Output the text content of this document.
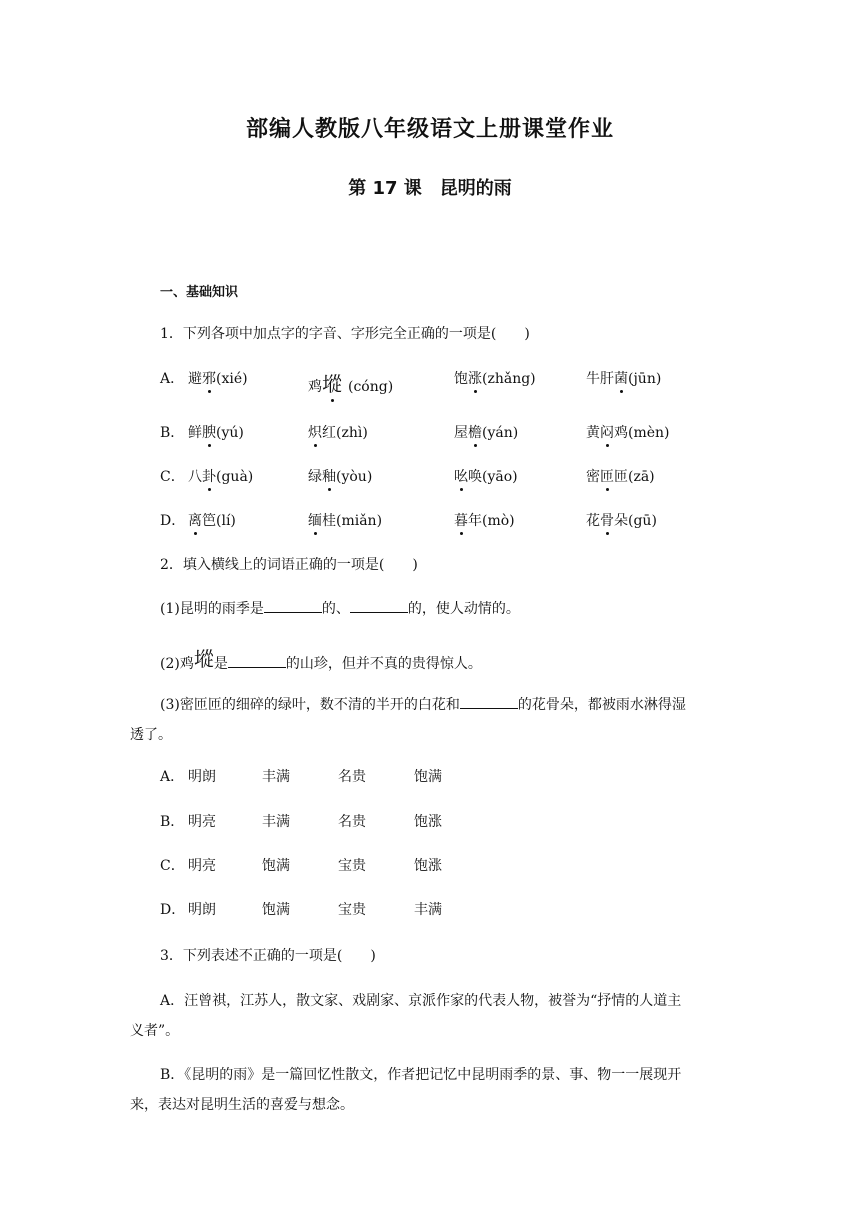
部编人教版八年级语文上册课堂作业
第 17 课　昆明的雨
一、基础知识
1．下列各项中加点字的字音、字形完全正确的一项是(　　)
A． 避邪(xié)	鸡㙡 (cóng)	饱涨(zhǎng)	牛肝菌(jūn)
B． 鲜腴(yú)	炽红(zhì)	屋檐(yán)	黄闷鸡(mèn)
C． 八卦(guà)	绿釉(yòu)	吆唤(yāo)	密匝匝(zā)
D． 离笆(lí)	缅桂(miǎn)	暮年(mò)	花骨朵(gū)
2．填入横线上的词语正确的一项是(　　)
(1)昆明的雨季是	的、	的，使人动情的。
(2)鸡㙡是	的山珍，但并不真的贵得惊人。
(3)密匝匝的细碎的绿叶，数不清的半开的白花和	的花骨朵，都被雨水淋得湿
透了。
A． 明朗	丰满	名贵	饱满
B． 明亮	丰满	名贵	饱涨
C． 明亮	饱满	宝贵	饱涨
D． 明朗	饱满	宝贵	丰满
3．下列表述不正确的一项是(　　)
A．汪曾祺，江苏人，散文家、戏剧家、京派作家的代表人物，被誉为“抒情的人道主
义者”。
B．《昆明的雨》是一篇回忆性散文，作者把记忆中昆明雨季的景、事、物一一展现开
来，表达对昆明生活的喜爱与想念。
